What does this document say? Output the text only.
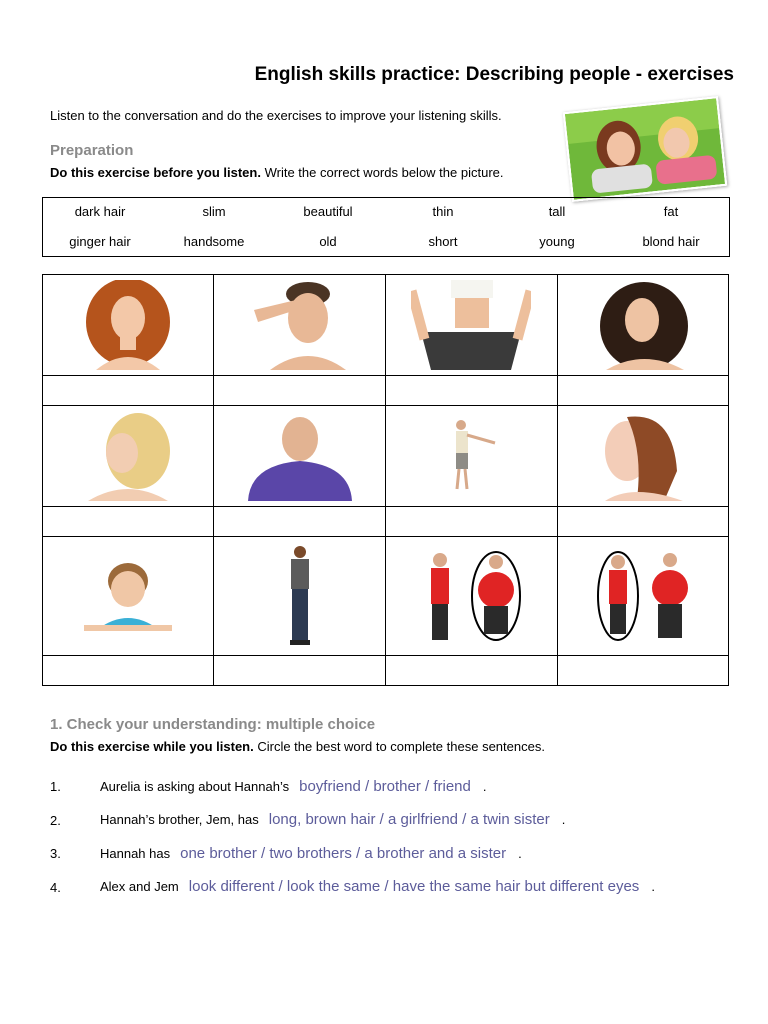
English skills practice: Describing people - exercises
Listen to the conversation and do the exercises to improve your listening skills.
Preparation
Do this exercise before you listen. Write the correct words below the picture.
dark hair	slim	beautiful	thin	tall	fat
ginger hair	handsome	old	short	young	blond hair

1. Check your understanding: multiple choice
Do this exercise while you listen. Circle the best word to complete these sentences.
1.	Aurelia is asking about Hannah’s boyfriend / brother / friend .
2.	Hannah’s brother, Jem, has long, brown hair / a girlfriend / a twin sister .
3.	Hannah has one brother / two brothers / a brother and a sister .
4.	Alex and Jem look different / look the same / have the same hair but different eyes .
